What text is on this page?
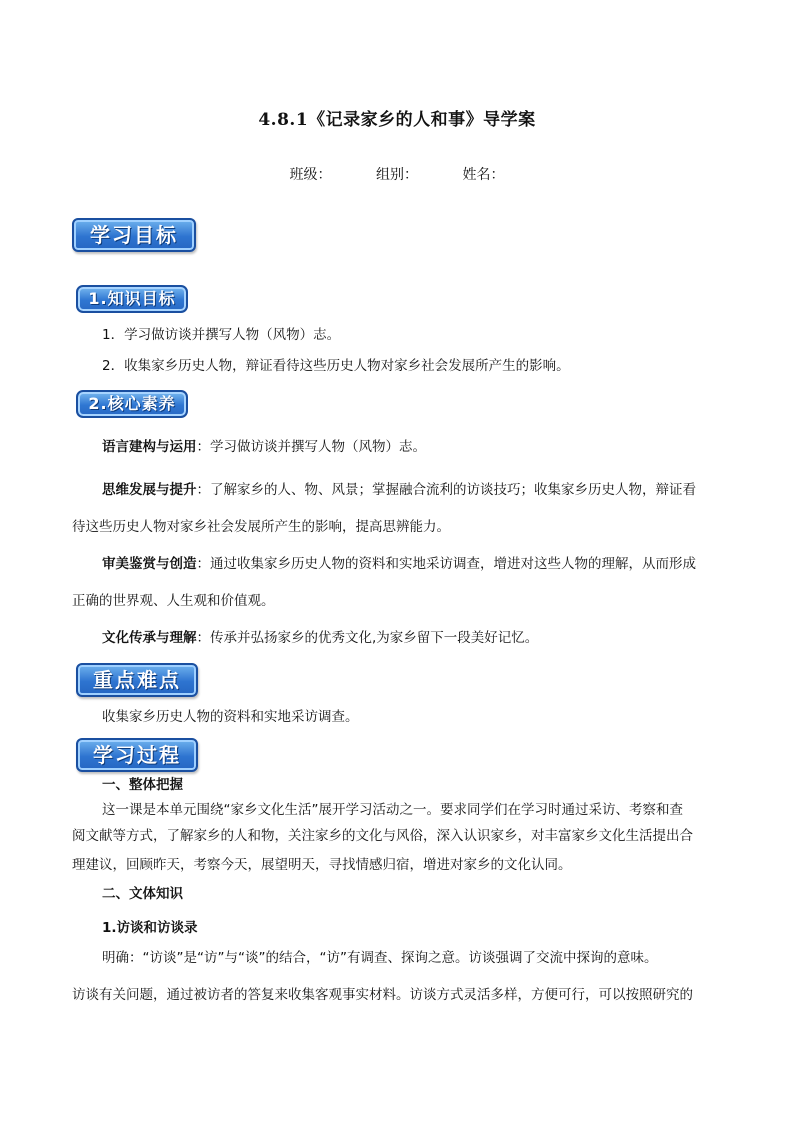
4.8.1《记录家乡的人和事》导学案
班级：	组别：	姓名：
学习目标
1.知识目标
1．学习做访谈并撰写人物（风物）志。
2．收集家乡历史人物，辩证看待这些历史人物对家乡社会发展所产生的影响。
2.核心素养
语言建构与运用：学习做访谈并撰写人物（风物）志。
思维发展与提升：了解家乡的人、物、风景；掌握融合流利的访谈技巧；收集家乡历史人物，辩证看
待这些历史人物对家乡社会发展所产生的影响，提高思辨能力。
审美鉴赏与创造：通过收集家乡历史人物的资料和实地采访调查，增进对这些人物的理解，从而形成
正确的世界观、人生观和价值观。
文化传承与理解：传承并弘扬家乡的优秀文化,为家乡留下一段美好记忆。
重点难点
收集家乡历史人物的资料和实地采访调查。
学习过程
一、整体把握
这一课是本单元围绕“家乡文化生活”展开学习活动之一。要求同学们在学习时通过采访、考察和查
阅文献等方式，了解家乡的人和物，关注家乡的文化与风俗，深入认识家乡，对丰富家乡文化生活提出合
理建议，回顾昨天，考察今天，展望明天，寻找情感归宿，增进对家乡的文化认同。
二、文体知识
1.访谈和访谈录
明确：“访谈”是“访”与“谈”的结合，“访”有调查、探询之意。访谈强调了交流中探询的意味。
访谈有关问题，通过被访者的答复来收集客观事实材料。访谈方式灵活多样，方便可行，可以按照研究的
